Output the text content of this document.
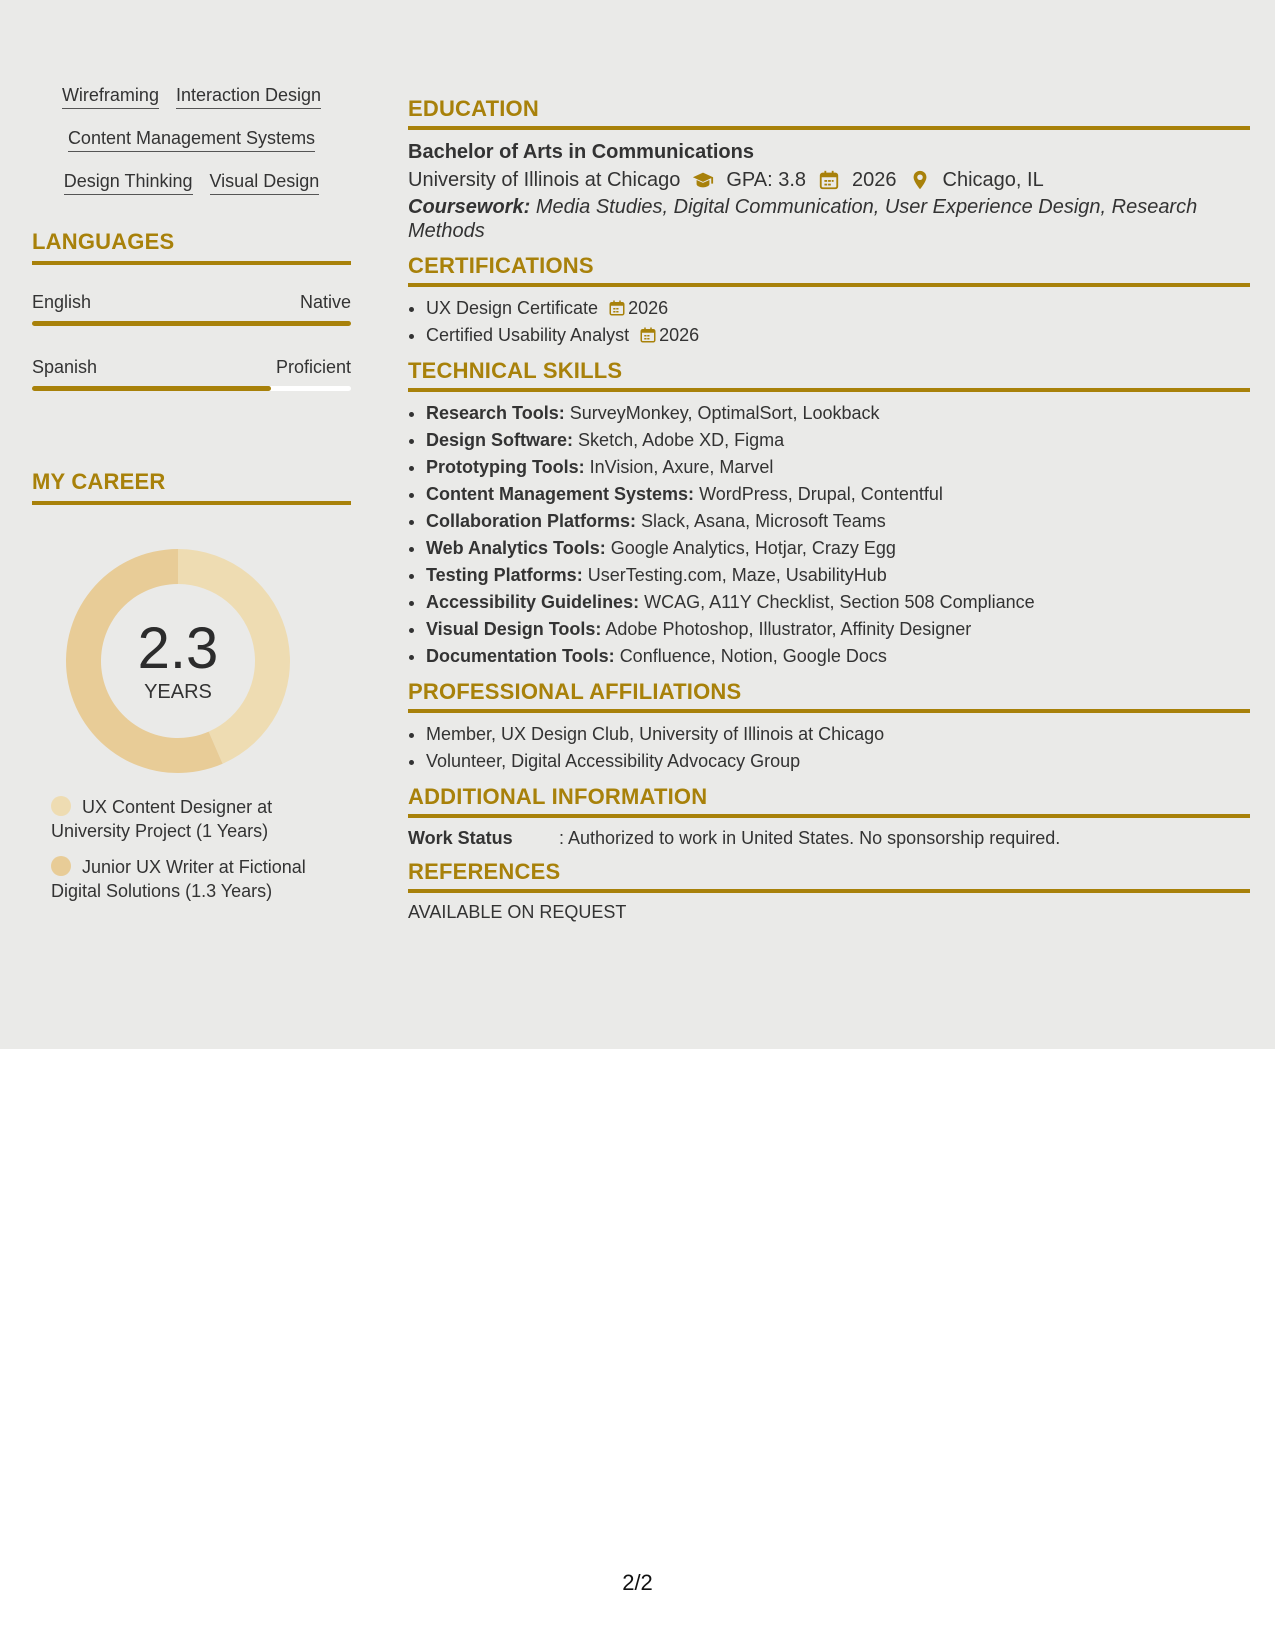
Wireframing Interaction Design
Content Management Systems
Design Thinking Visual Design
LANGUAGES
English	Native
Spanish	Proficient
MY CAREER
2.3
YEARS
UX Content Designer at University Project (1 Years)
Junior UX Writer at Fictional Digital Solutions (1.3 Years)
EDUCATION
Bachelor of Arts in Communications
University of Illinois at Chicago GPA: 3.8 2026 Chicago, IL
Coursework: Media Studies, Digital Communication, User Experience Design, Research Methods
CERTIFICATIONS
• UX Design Certificate 2026
• Certified Usability Analyst 2026
TECHNICAL SKILLS
• Research Tools: SurveyMonkey, OptimalSort, Lookback
• Design Software: Sketch, Adobe XD, Figma
• Prototyping Tools: InVision, Axure, Marvel
• Content Management Systems: WordPress, Drupal, Contentful
• Collaboration Platforms: Slack, Asana, Microsoft Teams
• Web Analytics Tools: Google Analytics, Hotjar, Crazy Egg
• Testing Platforms: UserTesting.com, Maze, UsabilityHub
• Accessibility Guidelines: WCAG, A11Y Checklist, Section 508 Compliance
• Visual Design Tools: Adobe Photoshop, Illustrator, Affinity Designer
• Documentation Tools: Confluence, Notion, Google Docs
PROFESSIONAL AFFILIATIONS
• Member, UX Design Club, University of Illinois at Chicago
• Volunteer, Digital Accessibility Advocacy Group
ADDITIONAL INFORMATION
Work Status	: Authorized to work in United States. No sponsorship required.
REFERENCES
AVAILABLE ON REQUEST
2/2
